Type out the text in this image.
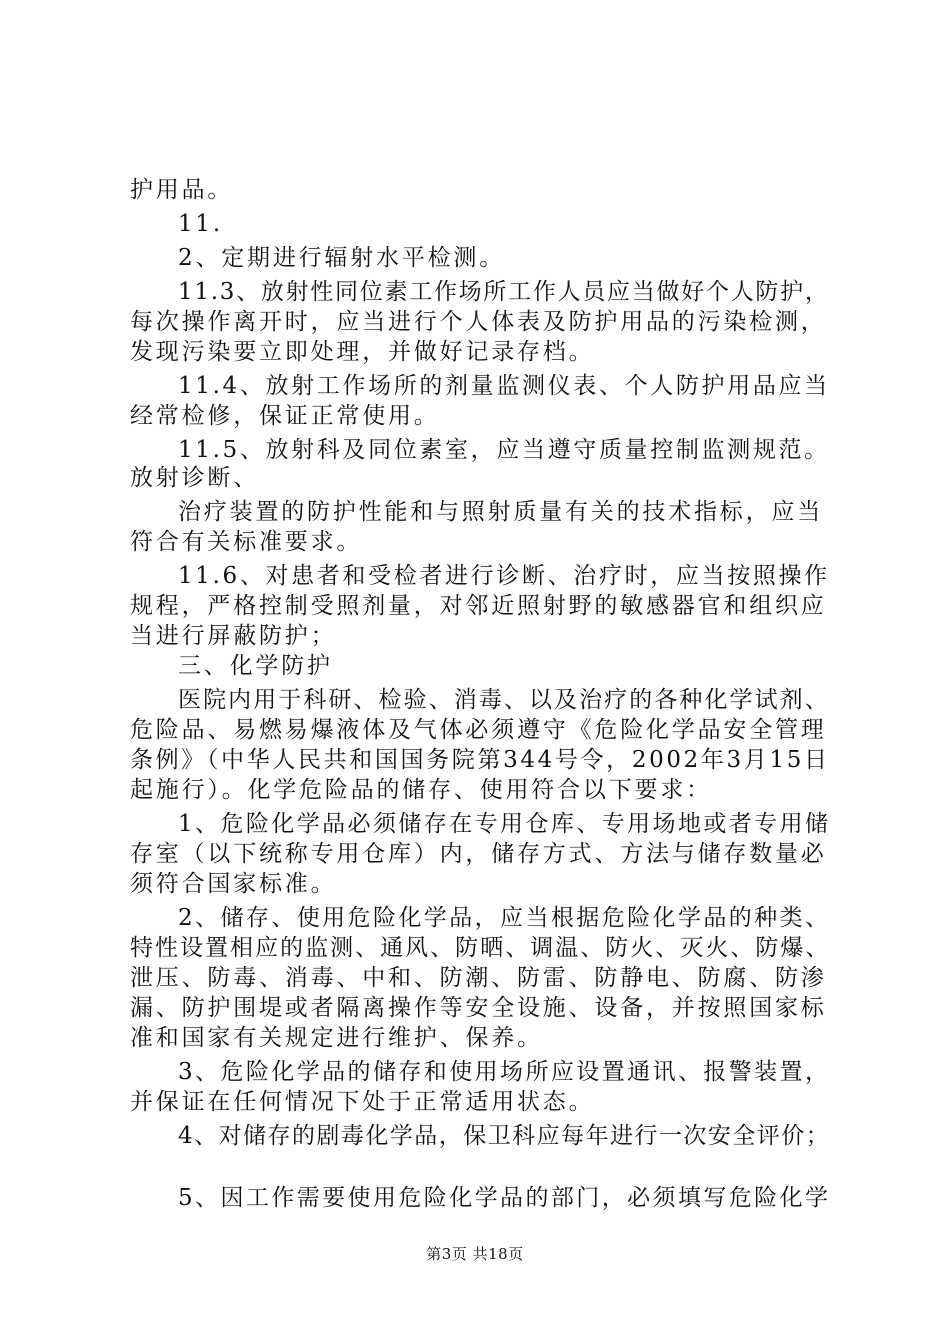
护用品。
11.
2、定期进行辐射水平检测。
11.3、放射性同位素工作场所工作人员应当做好个人防护，
每次操作离开时，应当进行个人体表及防护用品的污染检测，
发现污染要立即处理，并做好记录存档。
11.4、放射工作场所的剂量监测仪表、个人防护用品应当
经常检修，保证正常使用。
11.5、放射科及同位素室，应当遵守质量控制监测规范。
放射诊断、
治疗装置的防护性能和与照射质量有关的技术指标，应当
符合有关标准要求。
11.6、对患者和受检者进行诊断、治疗时，应当按照操作
规程，严格控制受照剂量，对邻近照射野的敏感器官和组织应
当进行屏蔽防护；
三、化学防护
医院内用于科研、检验、消毒、以及治疗的各种化学试剂、
危险品、易燃易爆液体及气体必须遵守《危险化学品安全管理
条例》（中华人民共和国国务院第344号令，2002年3月15日
起施行）。化学危险品的储存、使用符合以下要求：
1、危险化学品必须储存在专用仓库、专用场地或者专用储
存室（以下统称专用仓库）内，储存方式、方法与储存数量必
须符合国家标准。
2、储存、使用危险化学品，应当根据危险化学品的种类、
特性设置相应的监测、通风、防晒、调温、防火、灭火、防爆、
泄压、防毒、消毒、中和、防潮、防雷、防静电、防腐、防渗
漏、防护围堤或者隔离操作等安全设施、设备，并按照国家标
准和国家有关规定进行维护、保养。
3、危险化学品的储存和使用场所应设置通讯、报警装置，
并保证在任何情况下处于正常适用状态。
4、对储存的剧毒化学品，保卫科应每年进行一次安全评价；
5、因工作需要使用危险化学品的部门，必须填写危险化学
第3页 共18页
